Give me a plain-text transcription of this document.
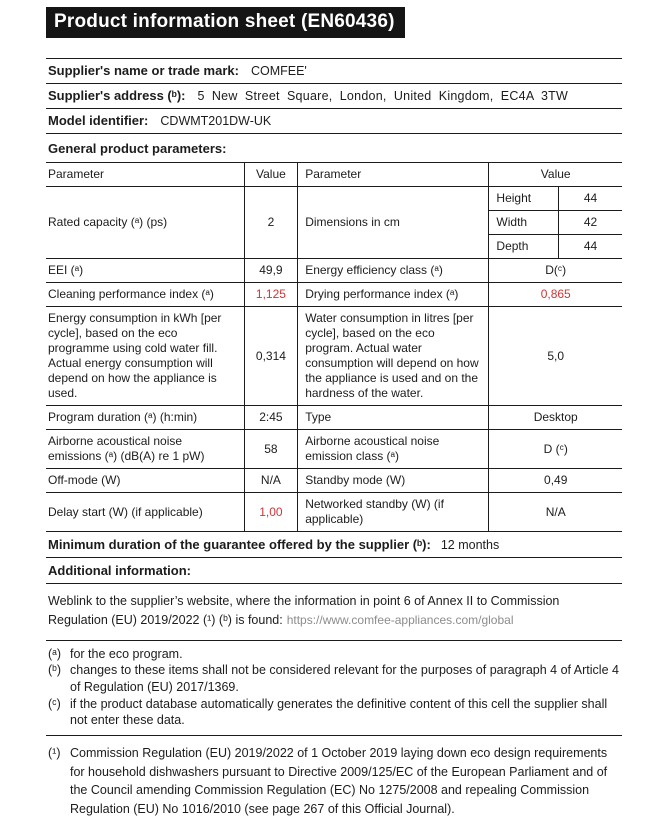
Product information sheet (EN60436)
Supplier's name or trade mark: COMFEE'
Supplier's address (ᵇ): 5 New Street Square, London, United Kingdom, EC4A 3TW
Model identifier: CDWMT201DW-UK
General product parameters:
Parameter	Value	Parameter	Value	
Rated capacity (ᵃ) (ps)	2	Dimensions in cm	Height	44
			Width	42
			Depth	44
EEI (ᵃ)	49,9	Energy efficiency class (ᵃ)	D(ᶜ)	
Cleaning performance index (ᵃ)	1,125	Drying performance index (ᵃ)	0,865	
Energy consumption in kWh [per cycle], based on the eco programme using cold water fill. Actual energy consumption will depend on how the appliance is used.	0,314	Water consumption in litres [per cycle], based on the eco program. Actual water consumption will depend on how the appliance is used and on the hardness of the water.	5,0	
Program duration (ᵃ) (h:min)	2:45	Type	Desktop	
Airborne acoustical noise emissions (ᵃ) (dB(A) re 1 pW)	58	Airborne acoustical noise emission class (ᵃ)	D (ᶜ)	
Off-mode (W)	N/A	Standby mode (W)	0,49	
Delay start (W) (if applicable)	1,00	Networked standby (W) (if applicable)	N/A	
Minimum duration of the guarantee offered by the supplier (ᵇ): 12 months
Additional information:
Weblink to the supplier’s website, where the information in point 6 of Annex II to Commission Regulation (EU) 2019/2022 (¹) (ᵇ) is found: https://www.comfee-appliances.com/global
(ᵃ) for the eco program.
(ᵇ) changes to these items shall not be considered relevant for the purposes of paragraph 4 of Article 4 of Regulation (EU) 2017/1369.
(ᶜ) if the product database automatically generates the definitive content of this cell the supplier shall not enter these data.
(¹) Commission Regulation (EU) 2019/2022 of 1 October 2019 laying down eco design requirements for household dishwashers pursuant to Directive 2009/125/EC of the European Parliament and of the Council amending Commission Regulation (EC) No 1275/2008 and repealing Commission Regulation (EU) No 1016/2010 (see page 267 of this Official Journal).
